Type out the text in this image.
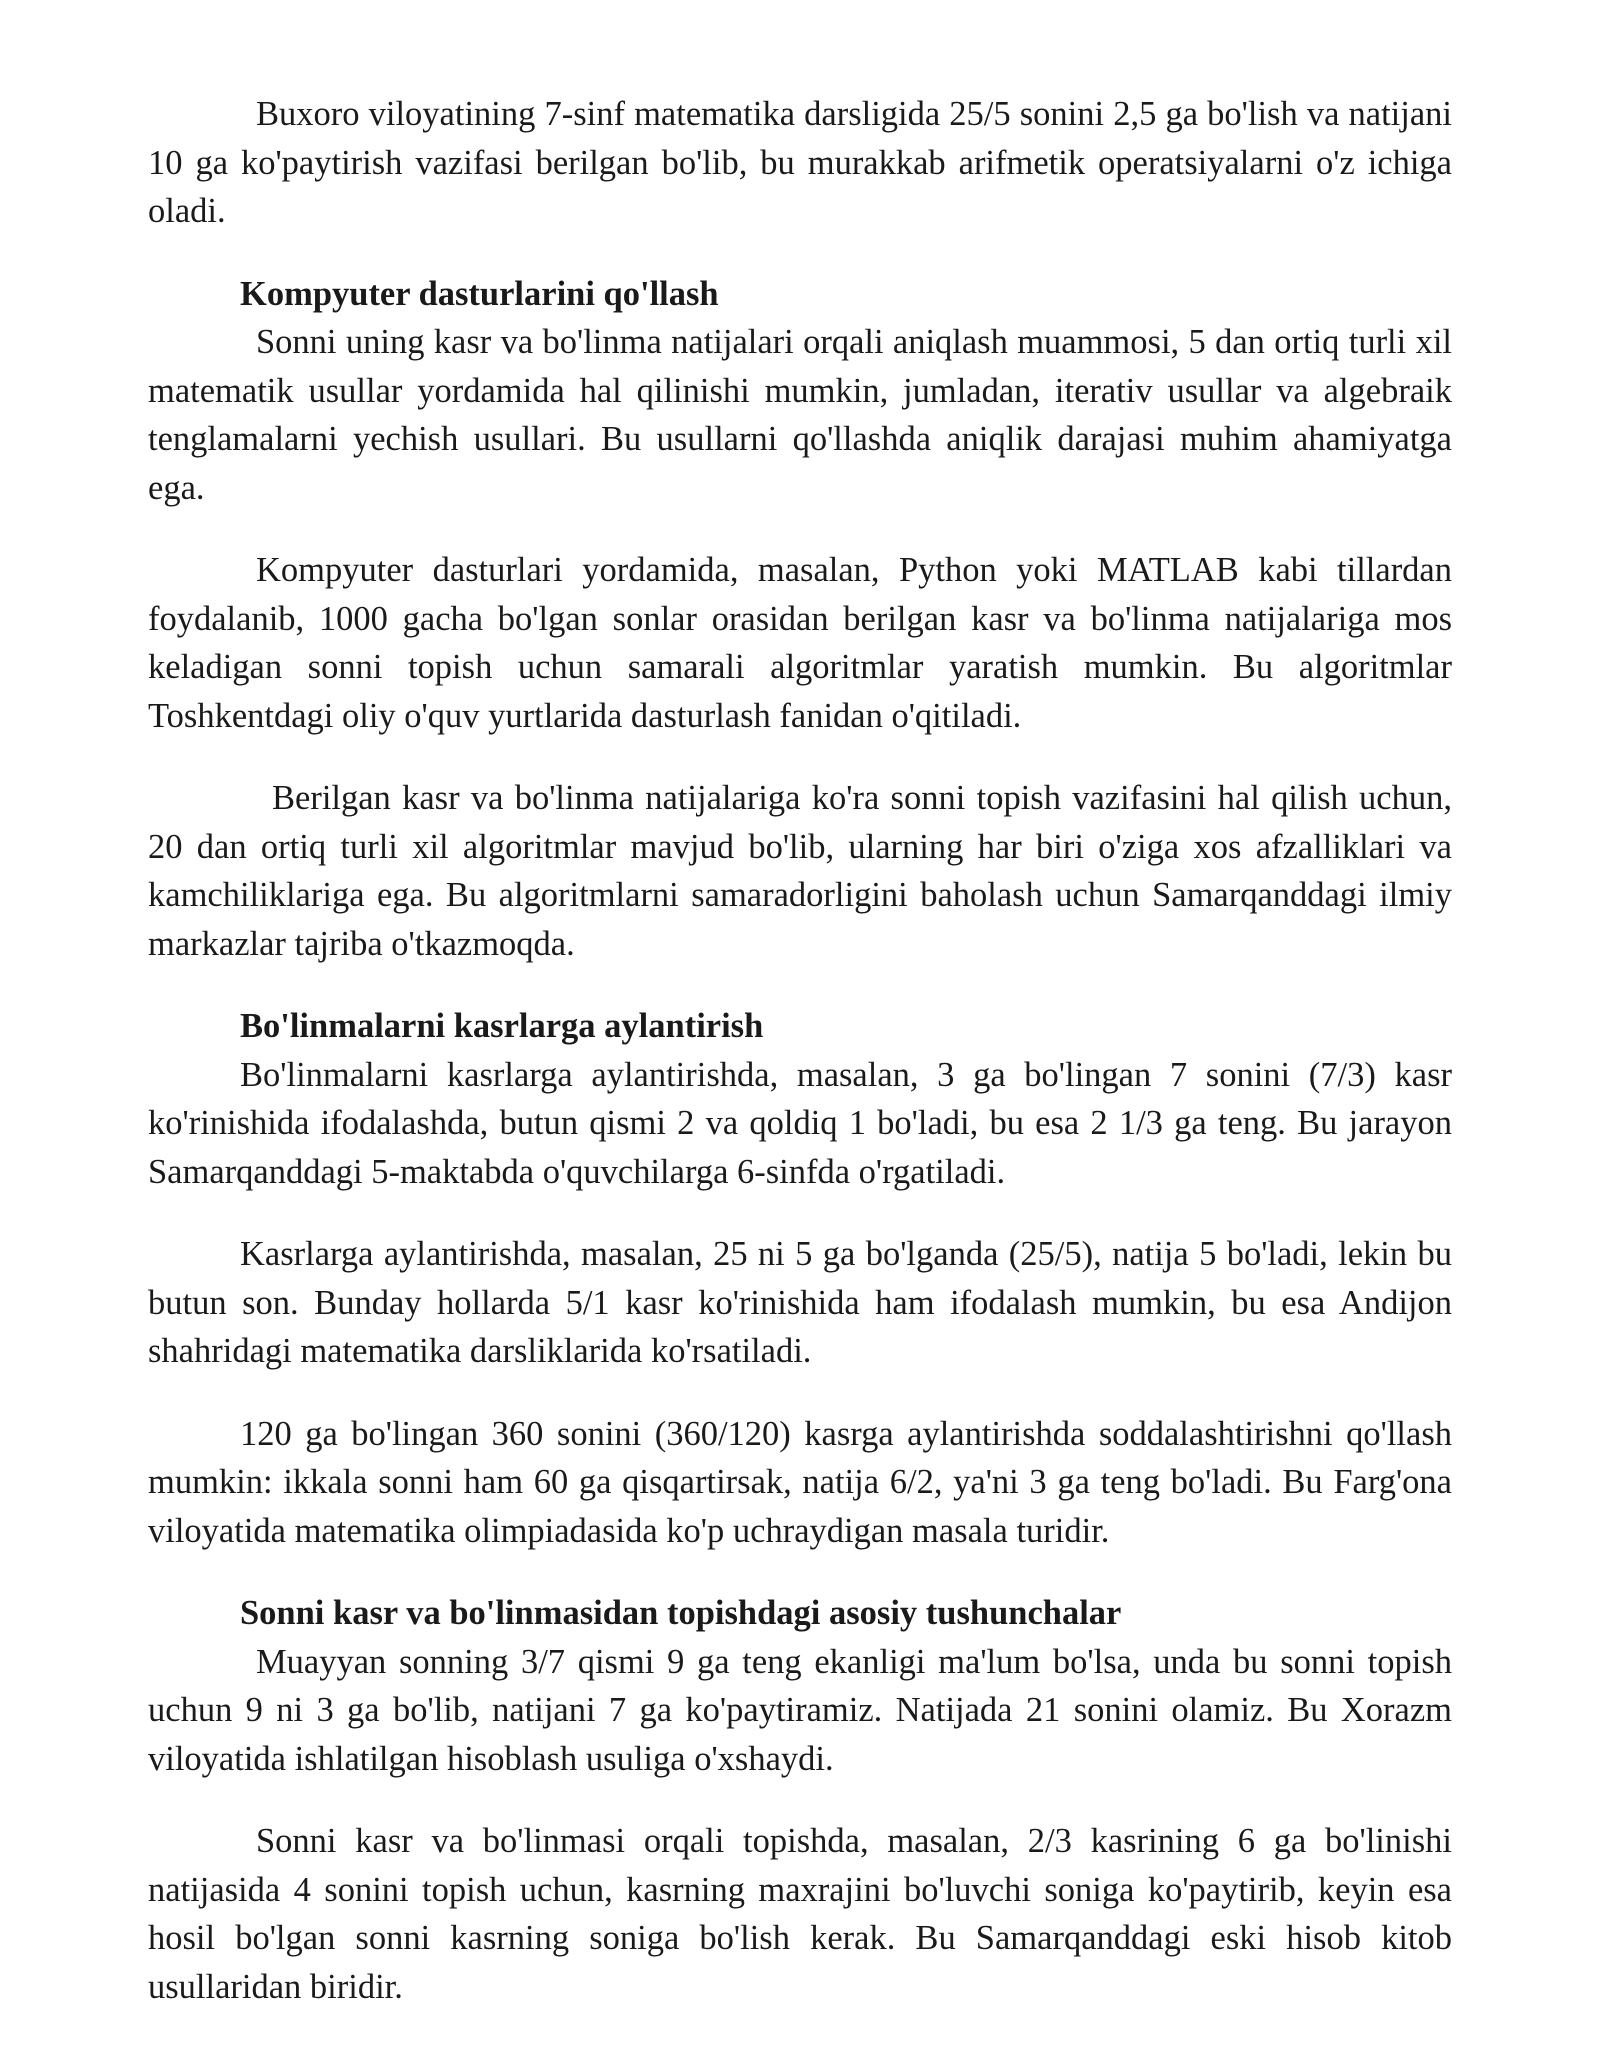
Buxoro viloyatining 7-sinf matematika darsligida 25/5 sonini 2,5 ga bo'lish va natijani 10 ga ko'paytirish vazifasi berilgan bo'lib, bu murakkab arifmetik operatsiyalarni o'z ichiga oladi.

Kompyuter dasturlarini qo'llash

Sonni uning kasr va bo'linma natijalari orqali aniqlash muammosi, 5 dan ortiq turli xil matematik usullar yordamida hal qilinishi mumkin, jumladan, iterativ usullar va algebraik tenglamalarni yechish usullari. Bu usullarni qo'llashda aniqlik darajasi muhim ahamiyatga ega.

Kompyuter dasturlari yordamida, masalan, Python yoki MATLAB kabi tillardan foydalanib, 1000 gacha bo'lgan sonlar orasidan berilgan kasr va bo'linma natijalariga mos keladigan sonni topish uchun samarali algoritmlar yaratish mumkin. Bu algoritmlar Toshkentdagi oliy o'quv yurtlarida dasturlash fanidan o'qitiladi.

Berilgan kasr va bo'linma natijalariga ko'ra sonni topish vazifasini hal qilish uchun, 20 dan ortiq turli xil algoritmlar mavjud bo'lib, ularning har biri o'ziga xos afzalliklari va kamchiliklariga ega. Bu algoritmlarni samaradorligini baholash uchun Samarqanddagi ilmiy markazlar tajriba o'tkazmoqda.

Bo'linmalarni kasrlarga aylantirish

Bo'linmalarni kasrlarga aylantirishda, masalan, 3 ga bo'lingan 7 sonini (7/3) kasr ko'rinishida ifodalashda, butun qismi 2 va qoldiq 1 bo'ladi, bu esa 2 1/3 ga teng. Bu jarayon Samarqanddagi 5-maktabda o'quvchilarga 6-sinfda o'rgatiladi.

Kasrlarga aylantirishda, masalan, 25 ni 5 ga bo'lganda (25/5), natija 5 bo'ladi, lekin bu butun son. Bunday hollarda 5/1 kasr ko'rinishida ham ifodalash mumkin, bu esa Andijon shahridagi matematika darsliklarida ko'rsatiladi.

120 ga bo'lingan 360 sonini (360/120) kasrga aylantirishda soddalashtirishni qo'llash mumkin: ikkala sonni ham 60 ga qisqartirsak, natija 6/2, ya'ni 3 ga teng bo'ladi. Bu Farg'ona viloyatida matematika olimpiadasida ko'p uchraydigan masala turidir.

Sonni kasr va bo'linmasidan topishdagi asosiy tushunchalar

Muayyan sonning 3/7 qismi 9 ga teng ekanligi ma'lum bo'lsa, unda bu sonni topish uchun 9 ni 3 ga bo'lib, natijani 7 ga ko'paytiramiz. Natijada 21 sonini olamiz. Bu Xorazm viloyatida ishlatilgan hisoblash usuliga o'xshaydi.

Sonni kasr va bo'linmasi orqali topishda, masalan, 2/3 kasrining 6 ga bo'linishi natijasida 4 sonini topish uchun, kasrning maxrajini bo'luvchi soniga ko'paytirib, keyin esa hosil bo'lgan sonni kasrning soniga bo'lish kerak. Bu Samarqanddagi eski hisob kitob usullaridan biridir.
